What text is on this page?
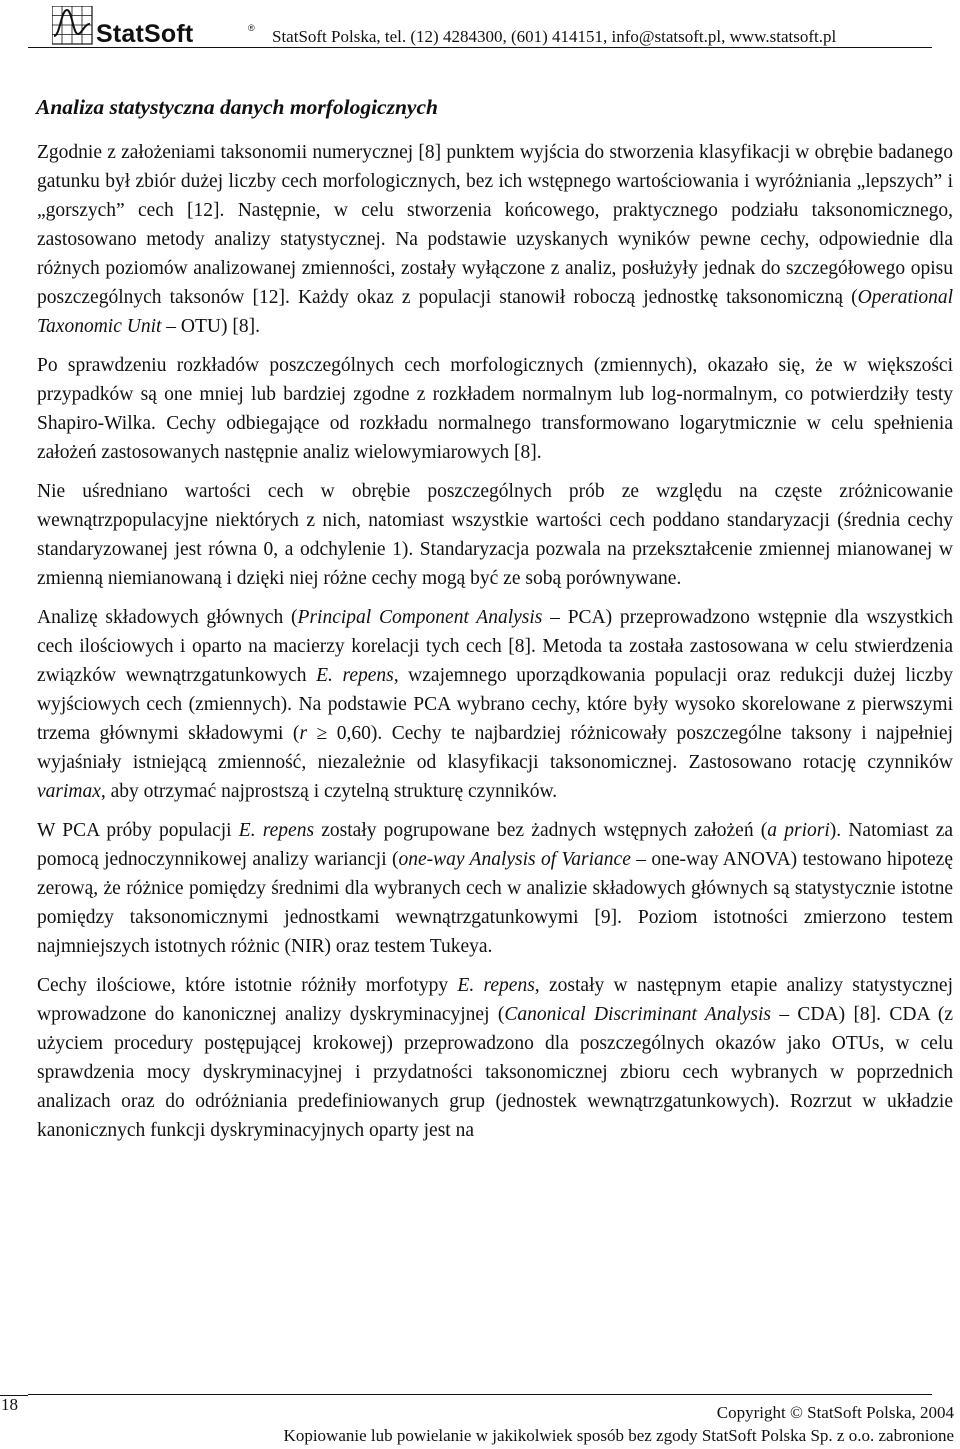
StatSoft	® StatSoft Polska, tel. (12) 4284300, (601) 414151, info@statsoft.pl, www.statsoft.pl
Analiza statystyczna danych morfologicznych

Zgodnie z założeniami taksonomii numerycznej [8] punktem wyjścia do stworzenia klasyfikacji w obrębie badanego gatunku był zbiór dużej liczby cech morfologicznych, bez ich wstępnego wartościowania i wyróżniania „lepszych” i „gorszych” cech [12]. Następnie, w celu stworzenia końcowego, praktycznego podziału taksonomicznego, zastosowano metody analizy statystycznej. Na podstawie uzyskanych wyników pewne cechy, odpowiednie dla różnych poziomów analizowanej zmienności, zostały wyłączone z analiz, posłużyły jednak do szczegółowego opisu poszczególnych taksonów [12]. Każdy okaz z populacji stanowił roboczą jednostkę taksonomiczną (Operational Taxonomic Unit – OTU) [8].

Po sprawdzeniu rozkładów poszczególnych cech morfologicznych (zmiennych), okazało się, że w większości przypadków są one mniej lub bardziej zgodne z rozkładem normalnym lub log-normalnym, co potwierdziły testy Shapiro-Wilka. Cechy odbiegające od rozkładu normalnego transformowano logarytmicznie w celu spełnienia założeń zastosowanych następnie analiz wielowymiarowych [8].

Nie uśredniano wartości cech w obrębie poszczególnych prób ze względu na częste zróżnicowanie wewnątrzpopulacyjne niektórych z nich, natomiast wszystkie wartości cech poddano standaryzacji (średnia cechy standaryzowanej jest równa 0, a odchylenie 1). Standaryzacja pozwala na przekształcenie zmiennej mianowanej w zmienną niemianowaną i dzięki niej różne cechy mogą być ze sobą porównywane.

Analizę składowych głównych (Principal Component Analysis – PCA) przeprowadzono wstępnie dla wszystkich cech ilościowych i oparto na macierzy korelacji tych cech [8]. Metoda ta została zastosowana w celu stwierdzenia związków wewnątrzgatunkowych E. repens, wzajemnego uporządkowania populacji oraz redukcji dużej liczby wyjściowych cech (zmiennych). Na podstawie PCA wybrano cechy, które były wysoko skorelowane z pierwszymi trzema głównymi składowymi (r ≥ 0,60). Cechy te najbardziej różnicowały poszczególne taksony i najpełniej wyjaśniały istniejącą zmienność, niezależnie od klasyfikacji taksonomicznej. Zastosowano rotację czynników varimax, aby otrzymać najprostszą i czytelną strukturę czynników.

W PCA próby populacji E. repens zostały pogrupowane bez żadnych wstępnych założeń (a priori). Natomiast za pomocą jednoczynnikowej analizy wariancji (one-way Analysis of Variance – one-way ANOVA) testowano hipotezę zerową, że różnice pomiędzy średnimi dla wybranych cech w analizie składowych głównych są statystycznie istotne pomiędzy taksonomicznymi jednostkami wewnątrzgatunkowymi [9]. Poziom istotności zmierzono testem najmniejszych istotnych różnic (NIR) oraz testem Tukeya.

Cechy ilościowe, które istotnie różniły morfotypy E. repens, zostały w następnym etapie analizy statystycznej wprowadzone do kanonicznej analizy dyskryminacyjnej (Canonical Discriminant Analysis – CDA) [8]. CDA (z użyciem procedury postępującej krokowej) przeprowadzono dla poszczególnych okazów jako OTUs, w celu sprawdzenia mocy dyskryminacyjnej i przydatności taksonomicznej zbioru cech wybranych w poprzednich analizach oraz do odróżniania predefiniowanych grup (jednostek wewnątrzgatunkowych). Rozrzut w układzie kanonicznych funkcji dyskryminacyjnych oparty jest na

18	Copyright © StatSoft Polska, 2004
Kopiowanie lub powielanie w jakikolwiek sposób bez zgody StatSoft Polska Sp. z o.o. zabronione
